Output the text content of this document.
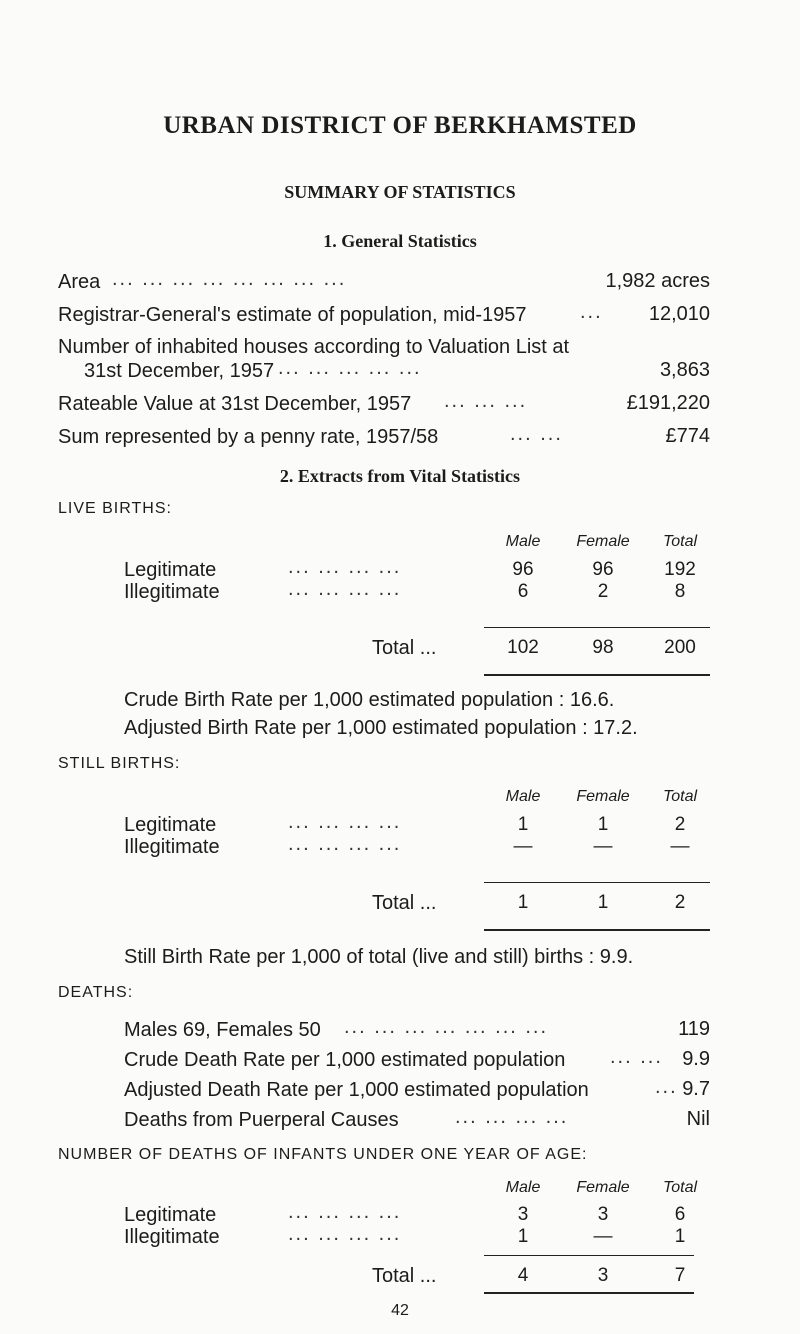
URBAN DISTRICT OF BERKHAMSTED
SUMMARY OF STATISTICS
1. General Statistics
Area ... ... ... ... ... ... ... ...	1,982 acres
Registrar-General's estimate of population, mid-1957	... 12,010
Number of inhabited houses according to Valuation List at
31st December, 1957 ... ... ... ... ...	3,863
Rateable Value at 31st December, 1957 ... ... ...	£191,220
Sum represented by a penny rate, 1957/58	... ...	£774
2. Extracts from Vital Statistics
LIVE BIRTHS:
Male	Female	Total
Legitimate	... ... ... ...	96	96	192
Illegitimate	... ... ... ...	6	2	8
Total ...	102	98	200
Crude Birth Rate per 1,000 estimated population : 16.6.
Adjusted Birth Rate per 1,000 estimated population : 17.2.
STILL BIRTHS:
Male	Female	Total
Legitimate	... ... ... ...	1	1	2
Illegitimate	... ... ... ...	—	—	—
Total ...	1	1	2
Still Birth Rate per 1,000 of total (live and still) births : 9.9.
DEATHS:
Males 69, Females 50 ... ... ... ... ... ... ...	119
Crude Death Rate per 1,000 estimated population ... ... 9.9
Adjusted Death Rate per 1,000 estimated population	... 9.7
Deaths from Puerperal Causes	... ... ... ...	Nil
NUMBER OF DEATHS OF INFANTS UNDER ONE YEAR OF AGE:
Male	Female	Total
Legitimate	... ... ... ...	3	3	6
Illegitimate	... ... ... ...	1	—	1
Total ...	4	3	7
42
